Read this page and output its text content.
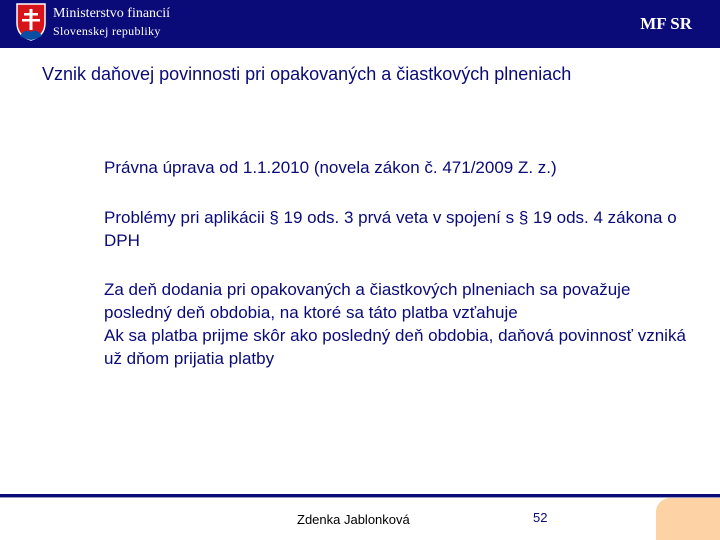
Ministerstvo financií
Slovenskej republiky	MF SR
Vznik daňovej povinnosti pri opakovaných a čiastkových plneniach
Právna úprava od 1.1.2010 (novela zákon č. 471/2009 Z. z.)
Problémy pri aplikácii § 19 ods. 3 prvá veta v spojení s § 19 ods. 4 zákona o DPH
Za deň dodania pri opakovaných a čiastkových plneniach sa považuje posledný deň obdobia, na ktoré sa táto platba vzťahuje
Ak sa platba prijme skôr ako posledný deň obdobia, daňová povinnosť vzniká už dňom prijatia platby
Zdenka Jablonková	52
